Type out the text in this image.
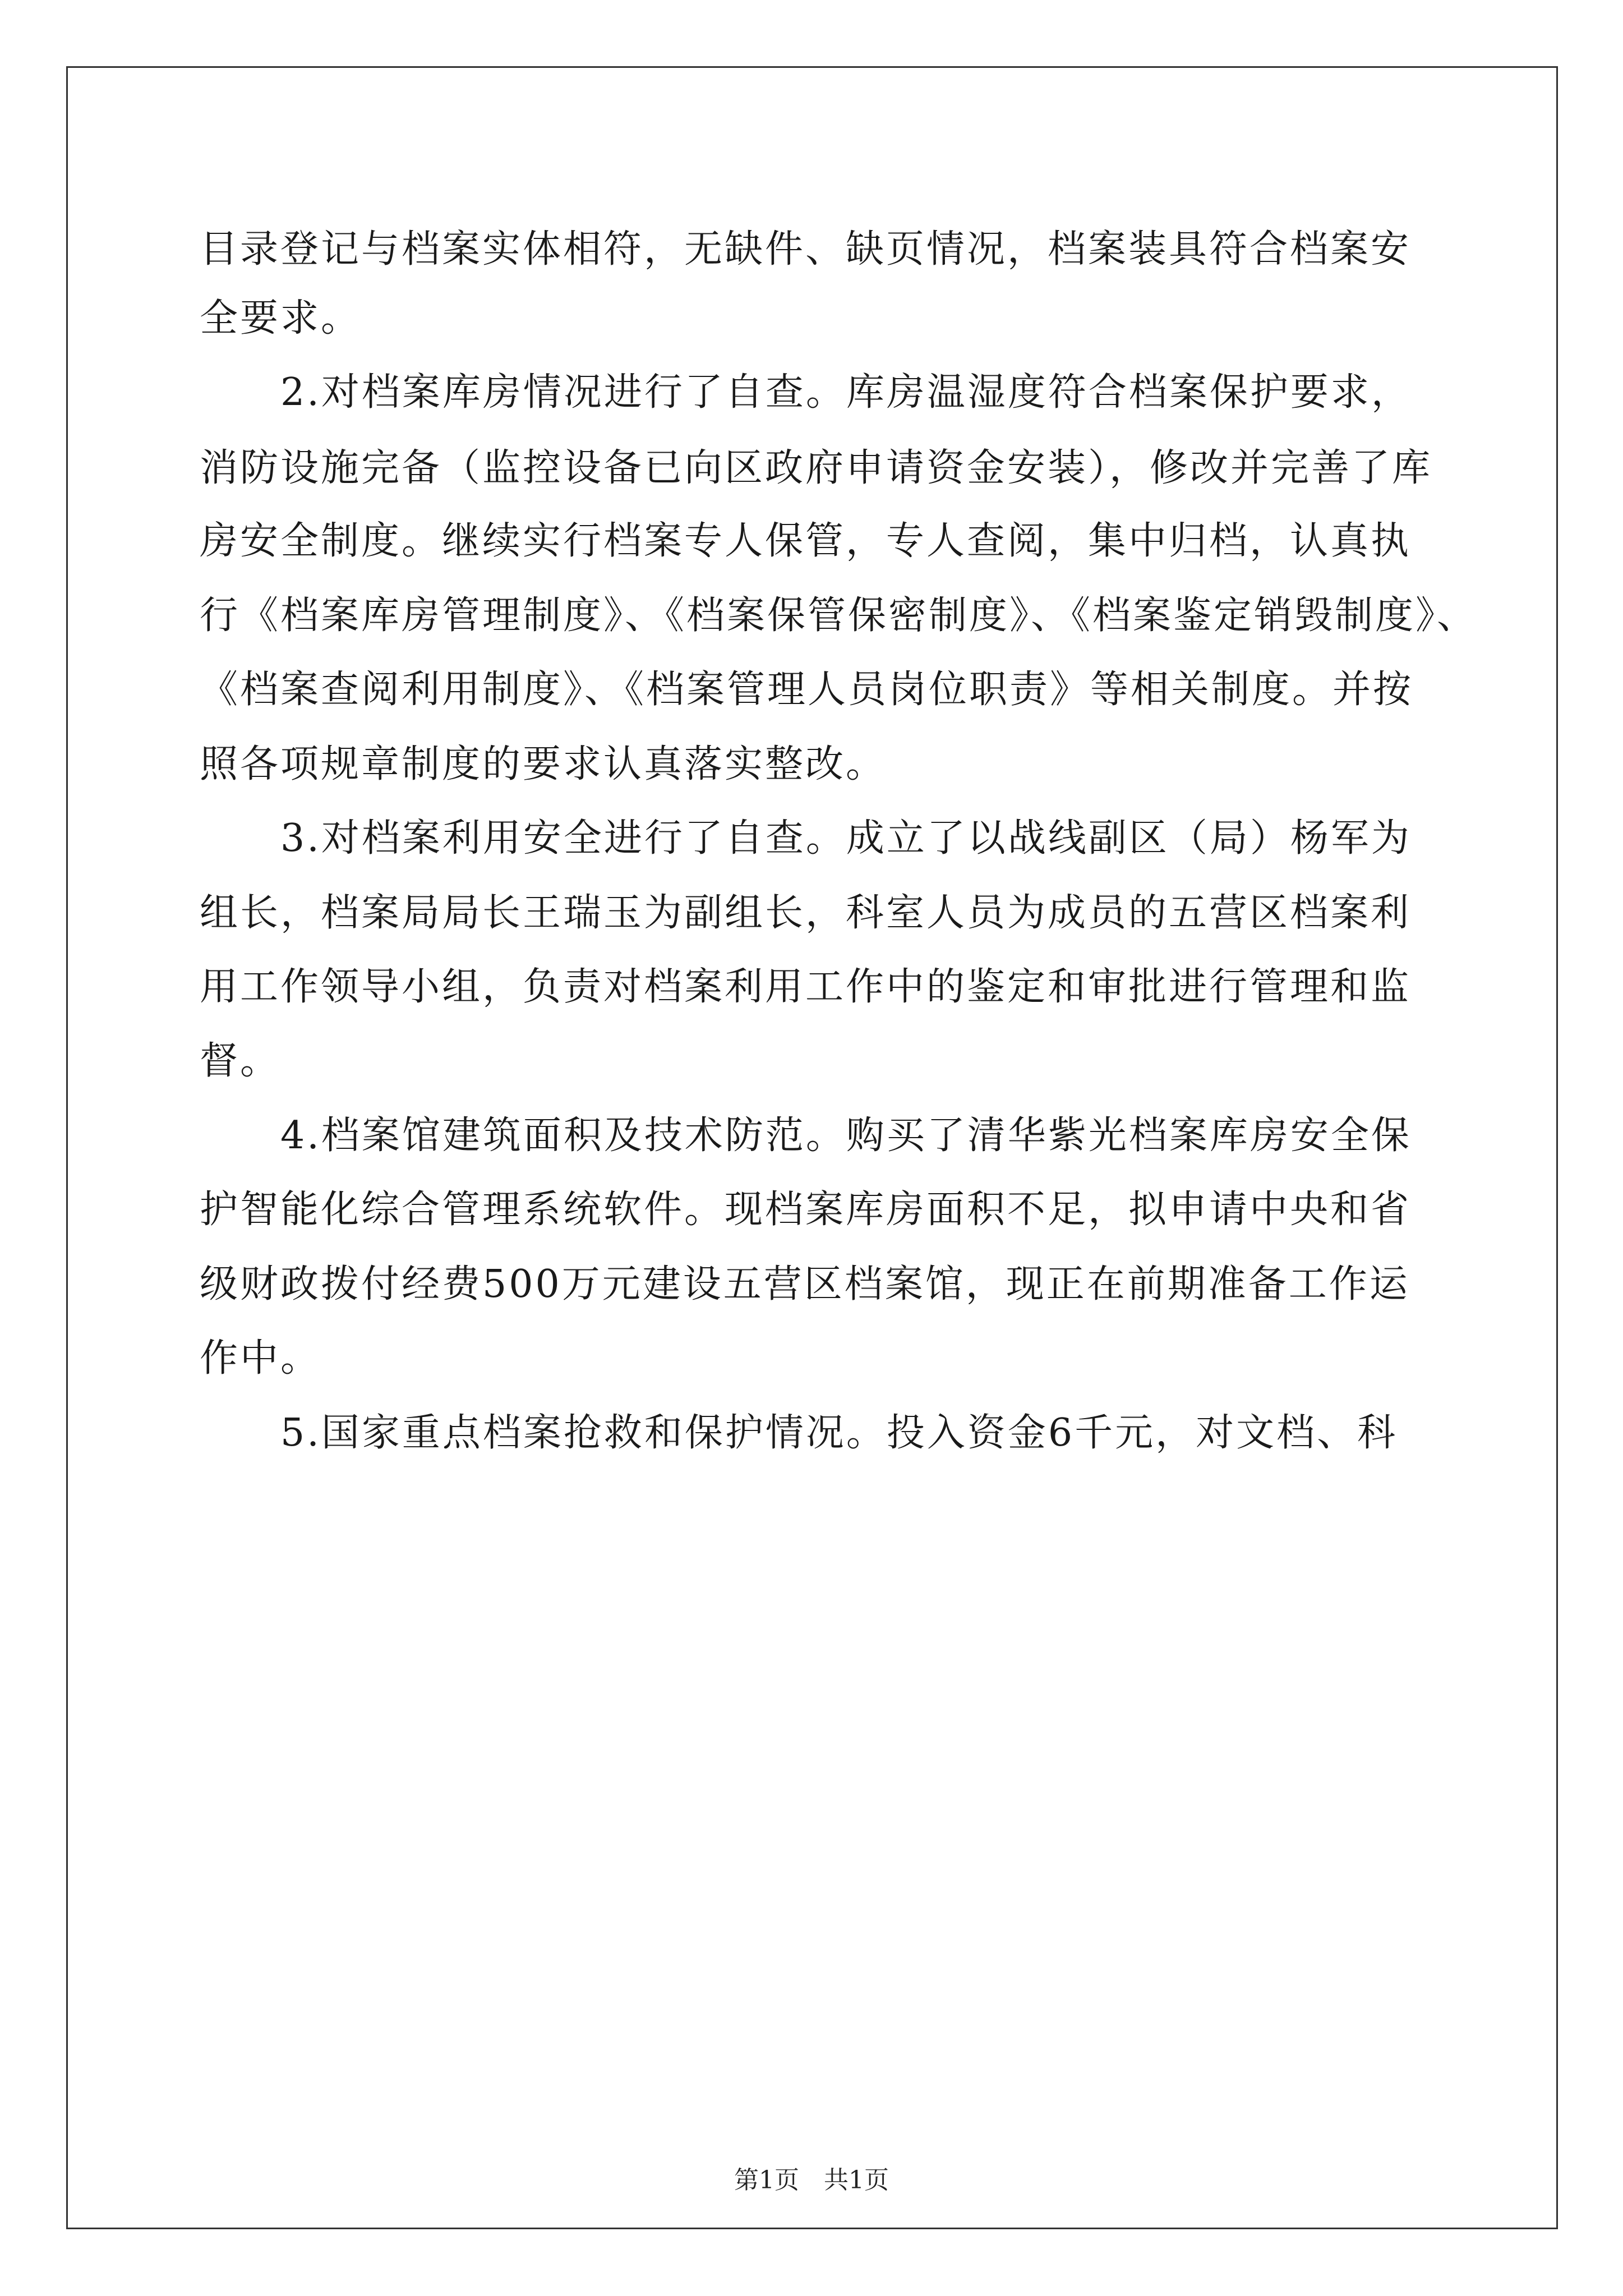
目录登记与档案实体相符，无缺件、缺页情况，档案装具符合档案安
全要求。
　　2.对档案库房情况进行了自查。库房温湿度符合档案保护要求，
消防设施完备（监控设备已向区政府申请资金安装），修改并完善了库
房安全制度。继续实行档案专人保管，专人查阅，集中归档，认真执
行《档案库房管理制度》、《档案保管保密制度》、《档案鉴定销毁制度》、
《档案查阅利用制度》、《档案管理人员岗位职责》等相关制度。并按
照各项规章制度的要求认真落实整改。
　　3.对档案利用安全进行了自查。成立了以战线副区（局）杨军为
组长，档案局局长王瑞玉为副组长，科室人员为成员的五营区档案利
用工作领导小组，负责对档案利用工作中的鉴定和审批进行管理和监
督。
　　4.档案馆建筑面积及技术防范。购买了清华紫光档案库房安全保
护智能化综合管理系统软件。现档案库房面积不足，拟申请中央和省
级财政拨付经费500万元建设五营区档案馆，现正在前期准备工作运
作中。
　　5.国家重点档案抢救和保护情况。投入资金6千元，对文档、科
第1页　共1页
